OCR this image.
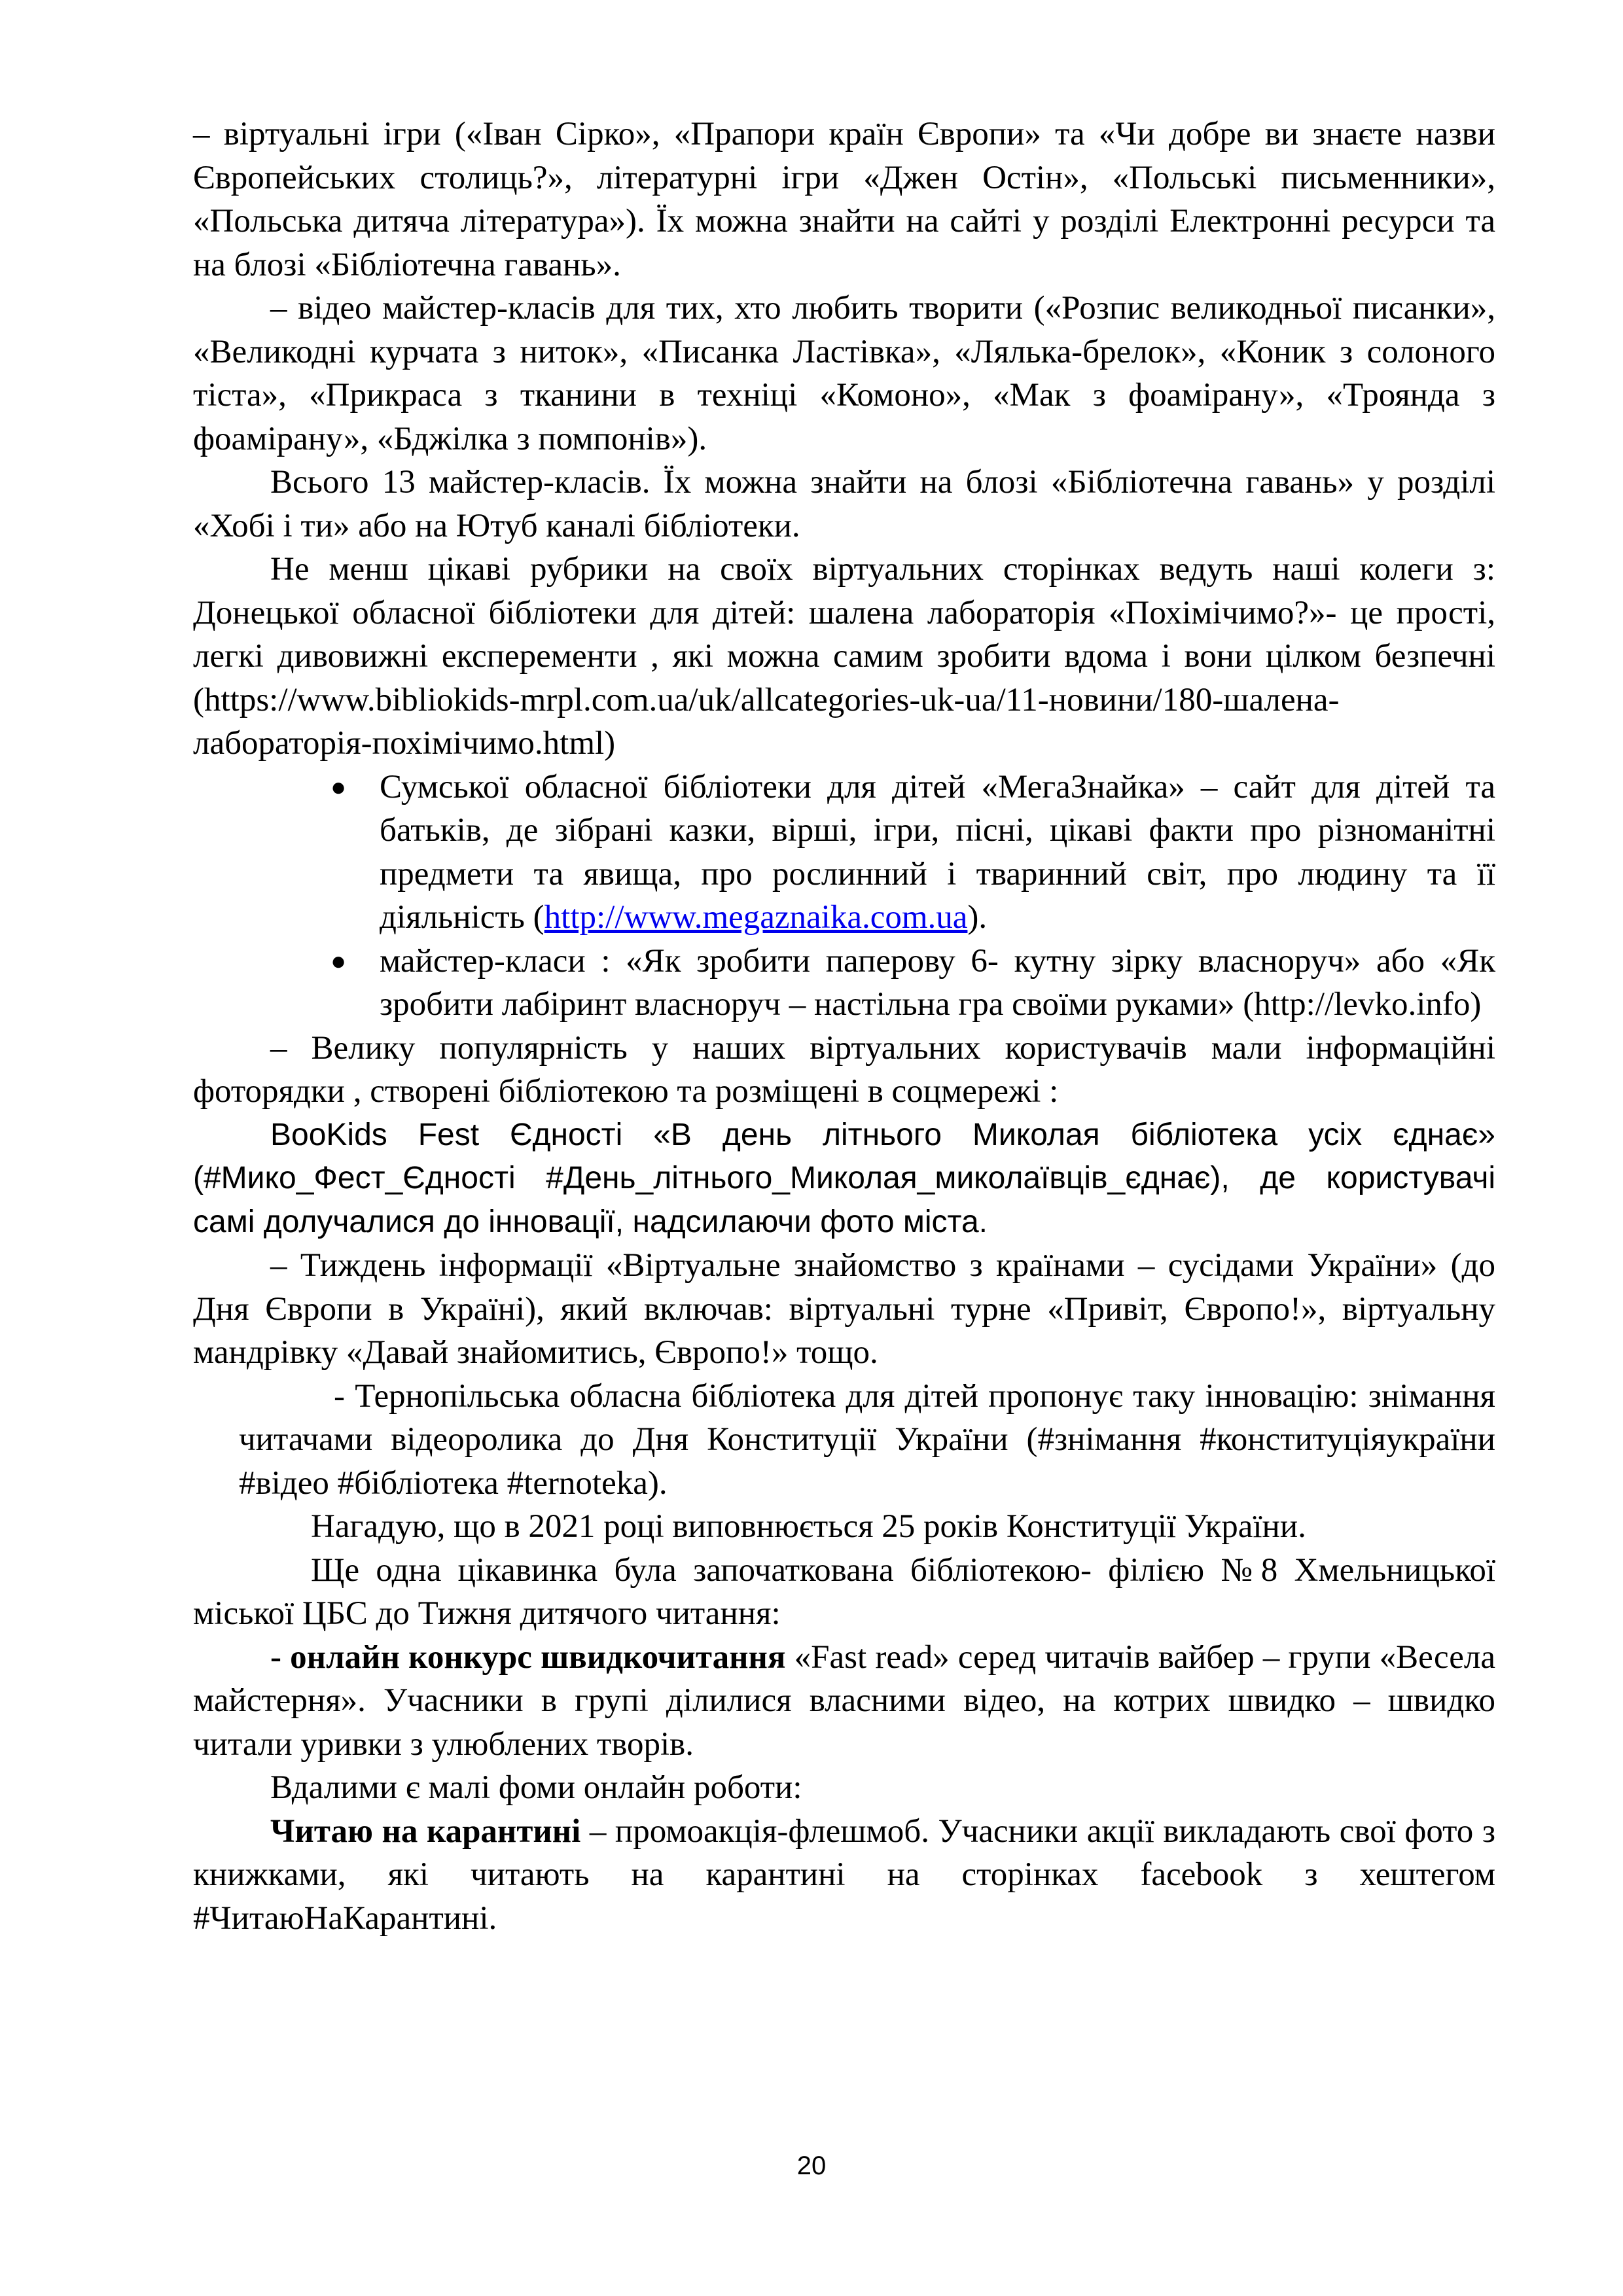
– віртуальні ігри («Іван Сірко», «Прапори країн Європи» та «Чи добре ви знаєте назви Європейських столиць?», літературні ігри «Джен Остін», «Польські письменники», «Польська дитяча література»). Їх можна знайти на сайті у розділі Електронні ресурси та на блозі «Бібліотечна гавань».

– відео майстер-класів для тих, хто любить творити («Розпис великодньої писанки», «Великодні курчата з ниток», «Писанка Ластівка», «Лялька-брелок», «Коник з солоного тіста», «Прикраса з тканини в техніці «Комоно», «Мак з фоамірану», «Троянда з фоамірану», «Бджілка з помпонів»).

Всього 13 майстер-класів. Їх можна знайти на блозі «Бібліотечна гавань» у розділі «Хобі і ти» або на Ютуб каналі бібліотеки.

Не менш цікаві рубрики на своїх віртуальних сторінках ведуть наші колеги з: Донецької обласної бібліотеки для дітей: шалена лабораторія «Похімічимо?»- це прості, легкі дивовижні експеременти , які можна самим зробити вдома і вони цілком безпечні (https://www.bibliokids-mrpl.com.ua/uk/allcategories-uk-ua/11-новини/180-шалена-лабораторія-похімічимо.html)

● Сумської обласної бібліотеки для дітей «МегаЗнайка» – сайт для дітей та батьків, де зібрані казки, вірші, ігри, пісні, цікаві факти про різноманітні предмети та явища, про рослинний і тваринний світ, про людину та її діяльність (http://www.megaznaika.com.ua).
● майстер-класи : «Як зробити паперову 6- кутну зірку власноруч» або «Як зробити лабіринт власноруч – настільна гра своїми руками» (http://levko.info)

– Велику популярність у наших віртуальних користувачів мали інформаційні фоторядки , створені бібліотекою та розміщені в соцмережі :

BooKids Fest Єдності «В день літнього Миколая бібліотека усіх єднає» (#Мико_Фест_Єдності #День_літнього_Миколая_миколаївців_єднає), де користувачі самі долучалися до інновації, надсилаючи фото міста.

– Тиждень інформації «Віртуальне знайомство з країнами – сусідами України» (до Дня Європи в Україні), який включав: віртуальні турне «Привіт, Європо!», віртуальну мандрівку «Давай знайомитись, Європо!» тощо.

- Тернопільська обласна бібліотека для дітей пропонує таку інновацію: знімання читачами відеоролика до Дня Конституції України (#знімання #конституціяукраїни #відео #бібліотека #ternoteka).

Нагадую, що в 2021 році виповнюється 25 років Конституції України.

Ще одна цікавинка була започаткована бібліотекою- філією №8 Хмельницької міської ЦБС до Тижня дитячого читання:

- онлайн конкурс швидкочитання «Fast read» серед читачів вайбер – групи «Весела майстерня». Учасники в групі ділилися власними відео, на котрих швидко – швидко читали уривки з улюблених творів.

Вдалими є малі фоми онлайн роботи:

Читаю на карантині – промоакція-флешмоб. Учасники акції викладають свої фото з книжками, які читають на карантині на сторінках facebook з хештегом #ЧитаюНаКарантині.

20
